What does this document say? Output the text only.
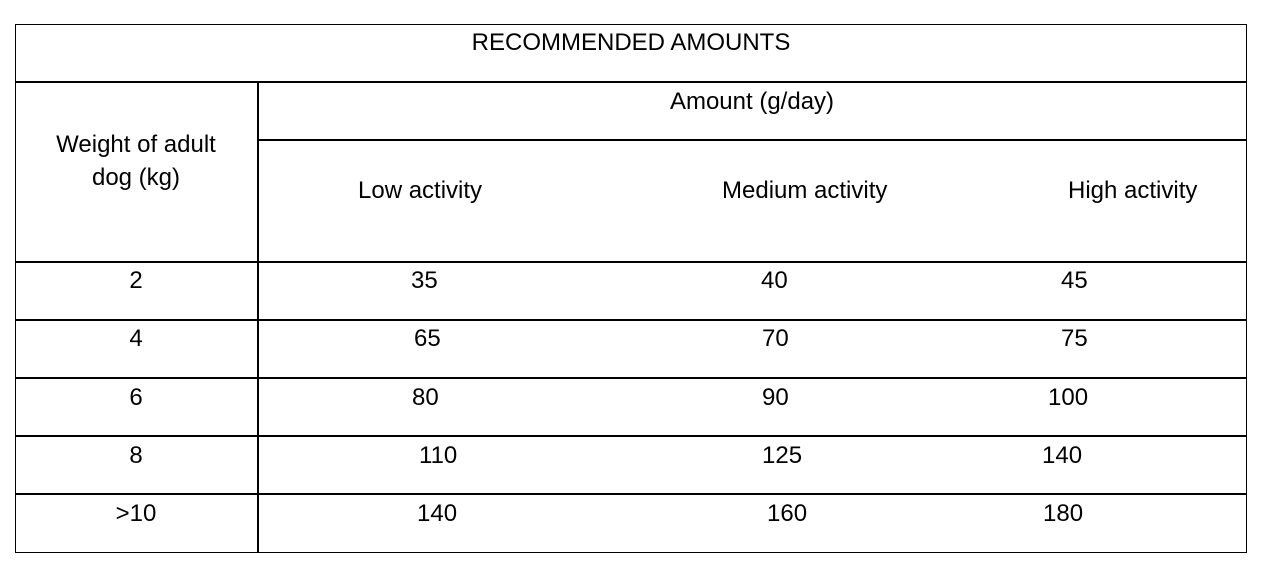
RECOMMENDED AMOUNTS
Weight of adult
dog (kg)
Amount (g/day)
Low activity	Medium activity	High activity
2	35	40	45
4	65	70	75
6	80	90	100
8	110	125	140
>10	140	160	180
